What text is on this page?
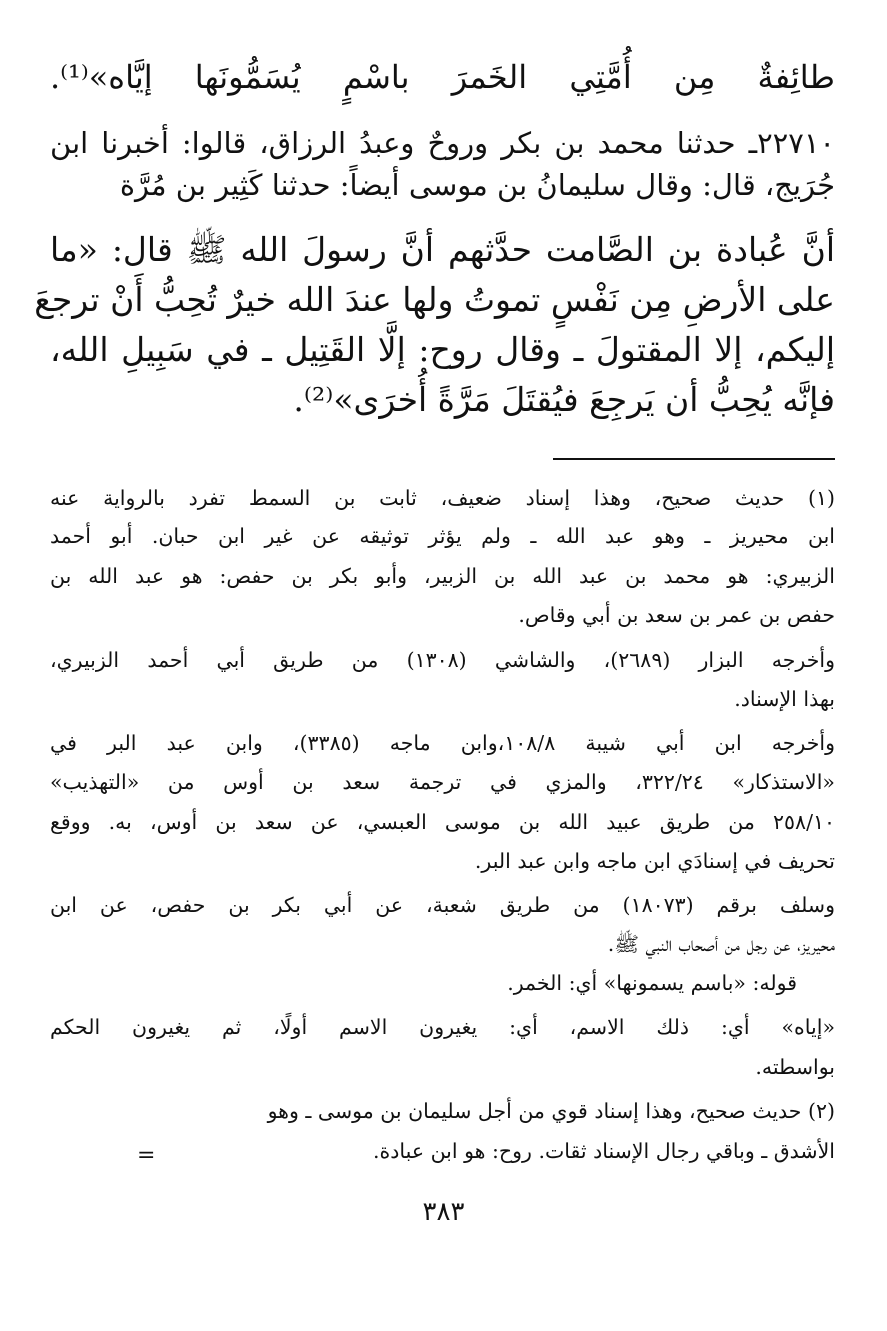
طائِفةٌ مِن أُمَّتِي الخَمرَ باسْمٍ يُسَمُّونَها إيَّاه»⁽¹⁾.
٢٢٧١٠ـ حدثنا محمد بن بكر وروحٌ وعبدُ الرزاق، قالوا: أخبرنا ابن
جُرَيج، قال: وقال سليمانُ بن موسى أيضاً: حدثنا كَثِير بن مُرَّة
أنَّ عُبادة بن الصَّامت حدَّثهم أنَّ رسولَ الله ﷺ قال: «ما
على الأرضِ مِن نَفْسٍ تموتُ ولها عندَ الله خيرٌ تُحِبُّ أَنْ ترجعَ
إليكم، إلا المقتولَ ـ وقال روح: إلَّا القَتِيل ـ في سَبِيلِ الله،
فإنَّه يُحِبُّ أن يَرجِعَ فيُقتَلَ مَرَّةً أُخرَى»⁽²⁾.
(١) حديث صحيح، وهذا إسناد ضعيف، ثابت بن السمط تفرد بالرواية عنه
ابن محيريز ـ وهو عبد الله ـ ولم يؤثر توثيقه عن غير ابن حبان. أبو أحمد
الزبيري: هو محمد بن عبد الله بن الزبير، وأبو بكر بن حفص: هو عبد الله بن
حفص بن عمر بن سعد بن أبي وقاص.
وأخرجه البزار (٢٦٨٩)، والشاشي (١٣٠٨) من طريق أبي أحمد الزبيري،
بهذا الإسناد.
وأخرجه ابن أبي شيبة ١٠٨/٨،وابن ماجه (٣٣٨٥)، وابن عبد البر في
«الاستذكار» ٣٢٢/٢٤، والمزي في ترجمة سعد بن أوس من «التهذيب»
٢٥٨/١٠ من طريق عبيد الله بن موسى العبسي، عن سعد بن أوس، به. ووقع
تحريف في إسنادَي ابن ماجه وابن عبد البر.
وسلف برقم (١٨٠٧٣) من طريق شعبة، عن أبي بكر بن حفص، عن ابن
محيريز، عن رجل من أصحاب النبي ﷺ.
قوله: «باسم يسمونها» أي: الخمر.
«إياه» أي: ذلك الاسم، أي: يغيرون الاسم أولًا، ثم يغيرون الحكم
بواسطته.
(٢) حديث صحيح، وهذا إسناد قوي من أجل سليمان بن موسى ـ وهو
الأشدق ـ وباقي رجال الإسناد ثقات. روح: هو ابن عبادة.
=
٣٨٣
